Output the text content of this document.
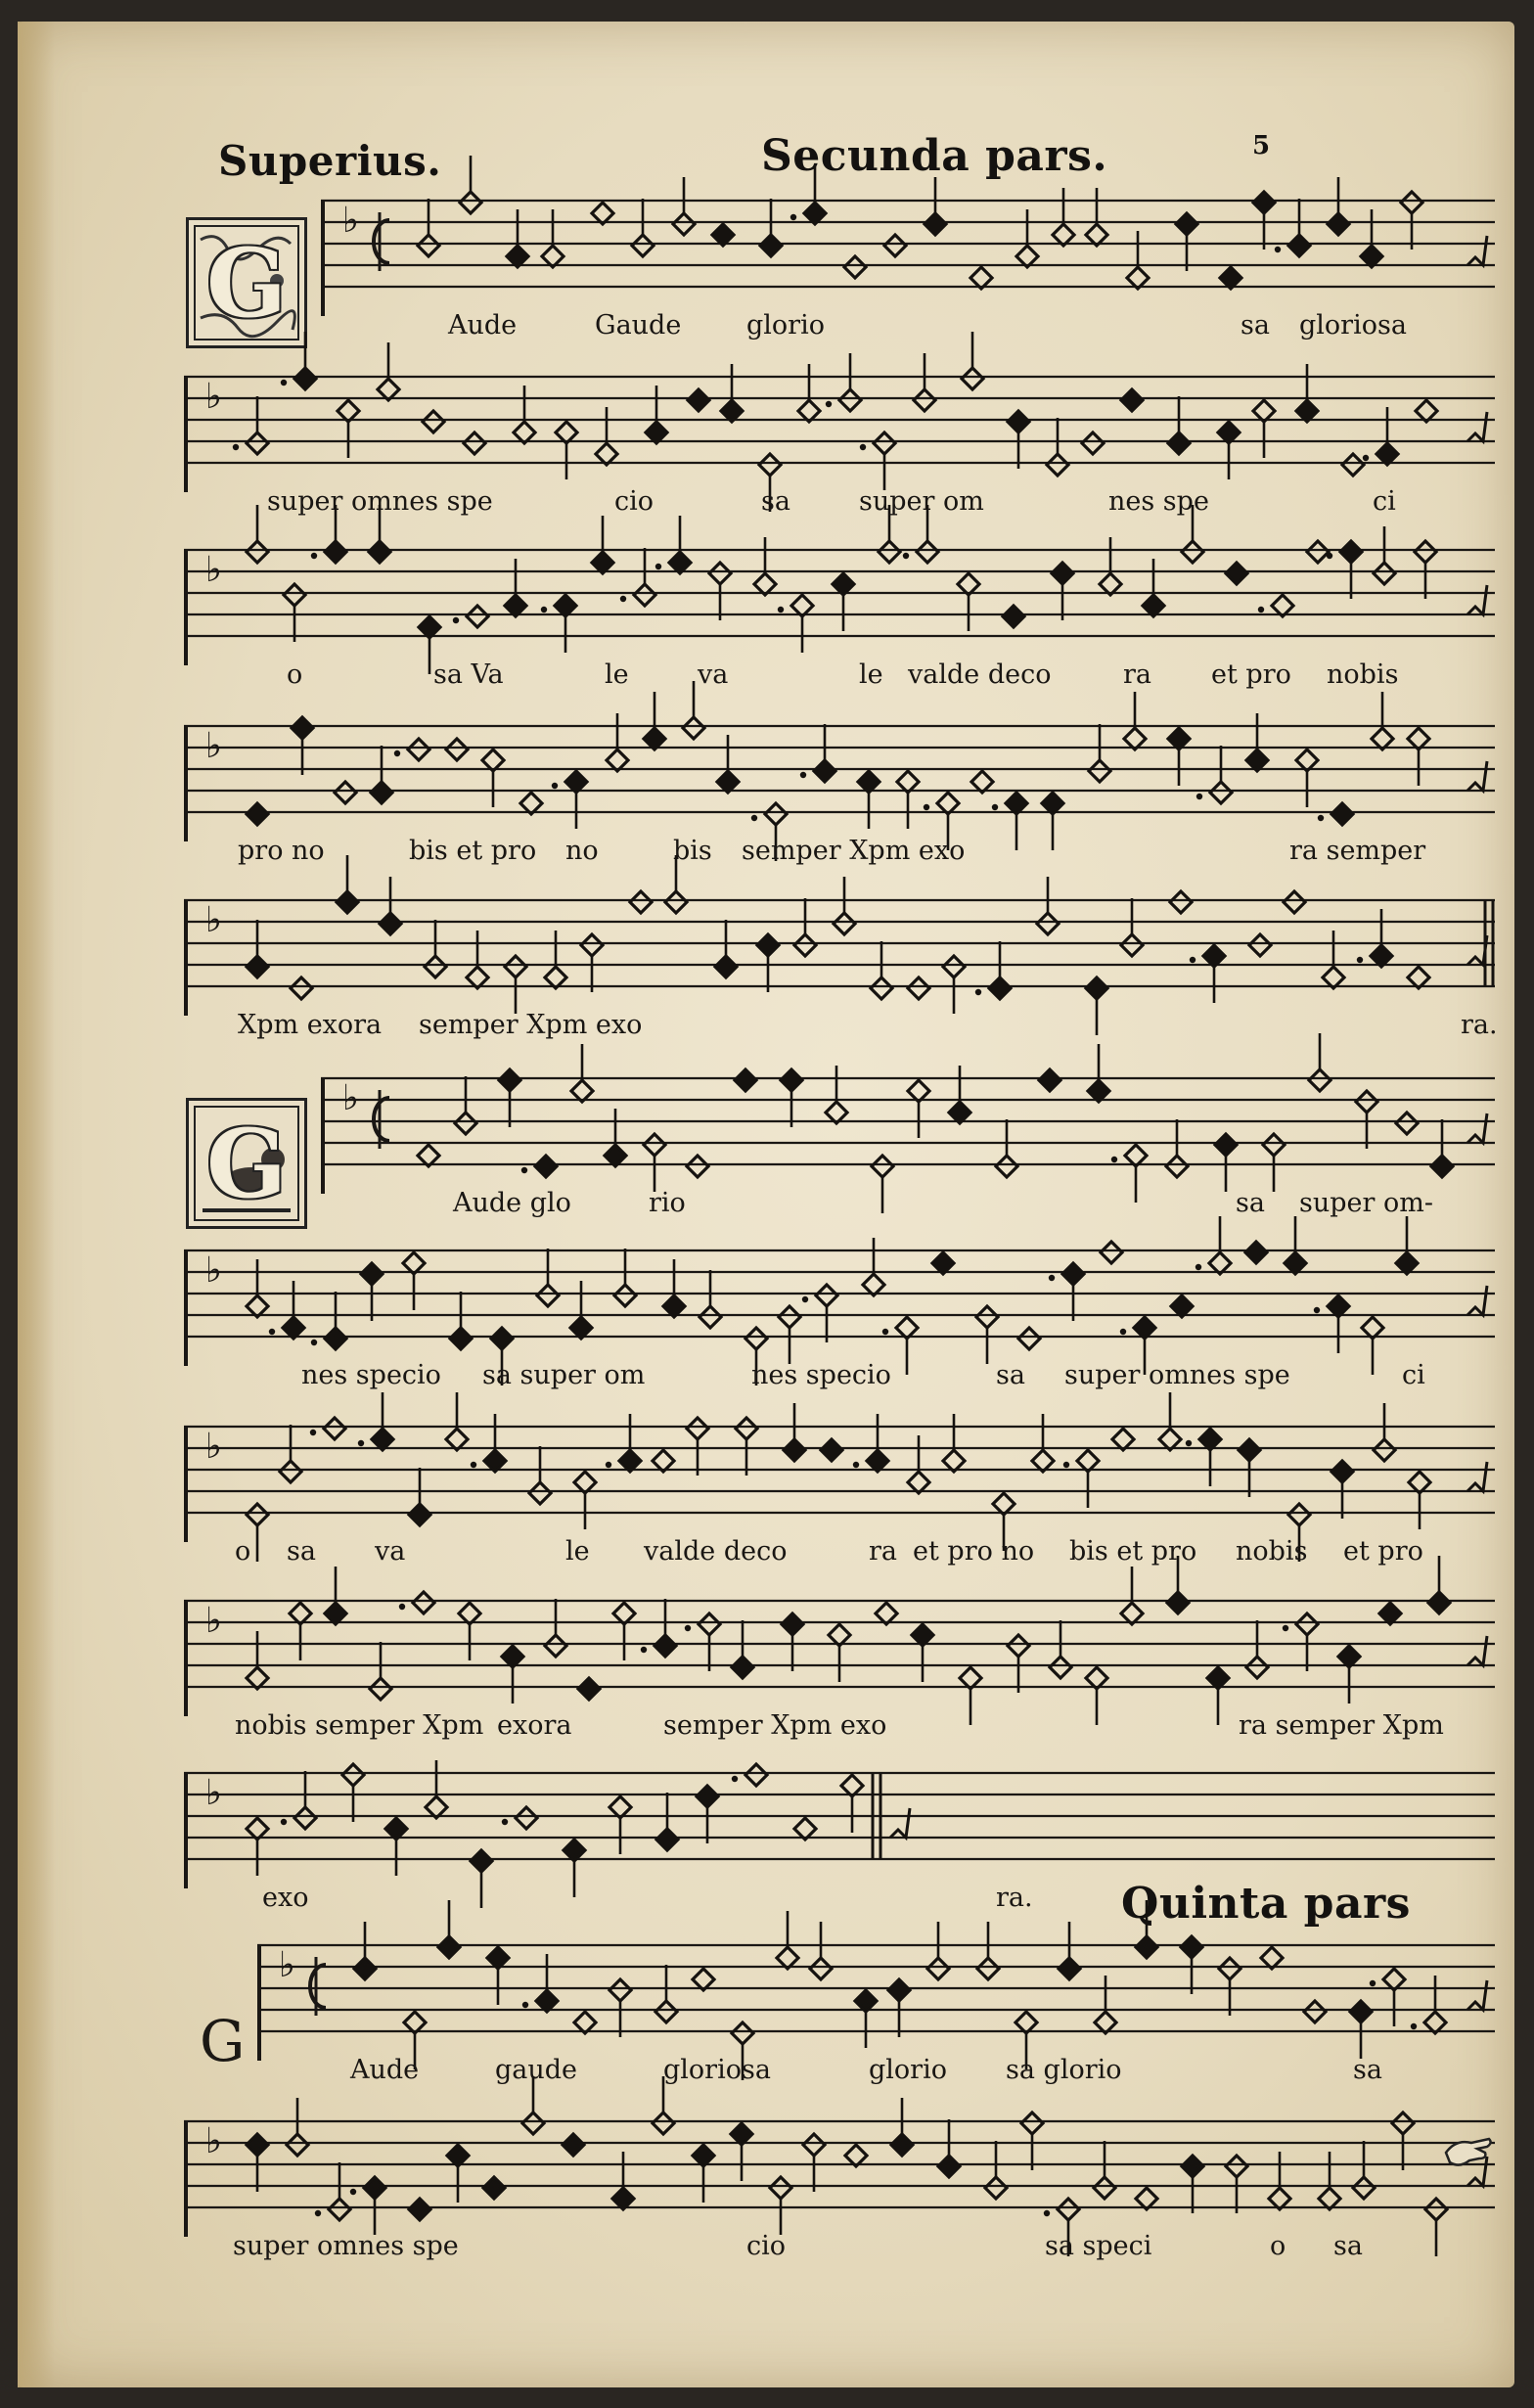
Superius.	Secunda pars.	5
G
G
G
Quinta pars
♭
Aude	Gaude glorio	sa gloriosa
♭
super omnes spe	cio	sa	super om	nes spe	ci
♭
o	sa Va	le	va	le valde deco	ra et pro nobis
♭
pro no	bis et pro no	bis semper Xpm exo	ra semper
♭
Xpm exora semper Xpm exo	ra.
♭
Aude glo	rio	sa super om-
♭
nes specio sa super om	nes specio	sa super omnes spe	ci
♭
o sa va	le valde deco	ra et pro no bis et pro nobis et pro
♭
nobis semper Xpm exora	semper Xpm exo	ra semper Xpm
♭
exo	ra.
♭
Aude	gaude	gloriosa	glorio sa glorio	sa
♭
super omnes spe	cio	sa speci	o sa
